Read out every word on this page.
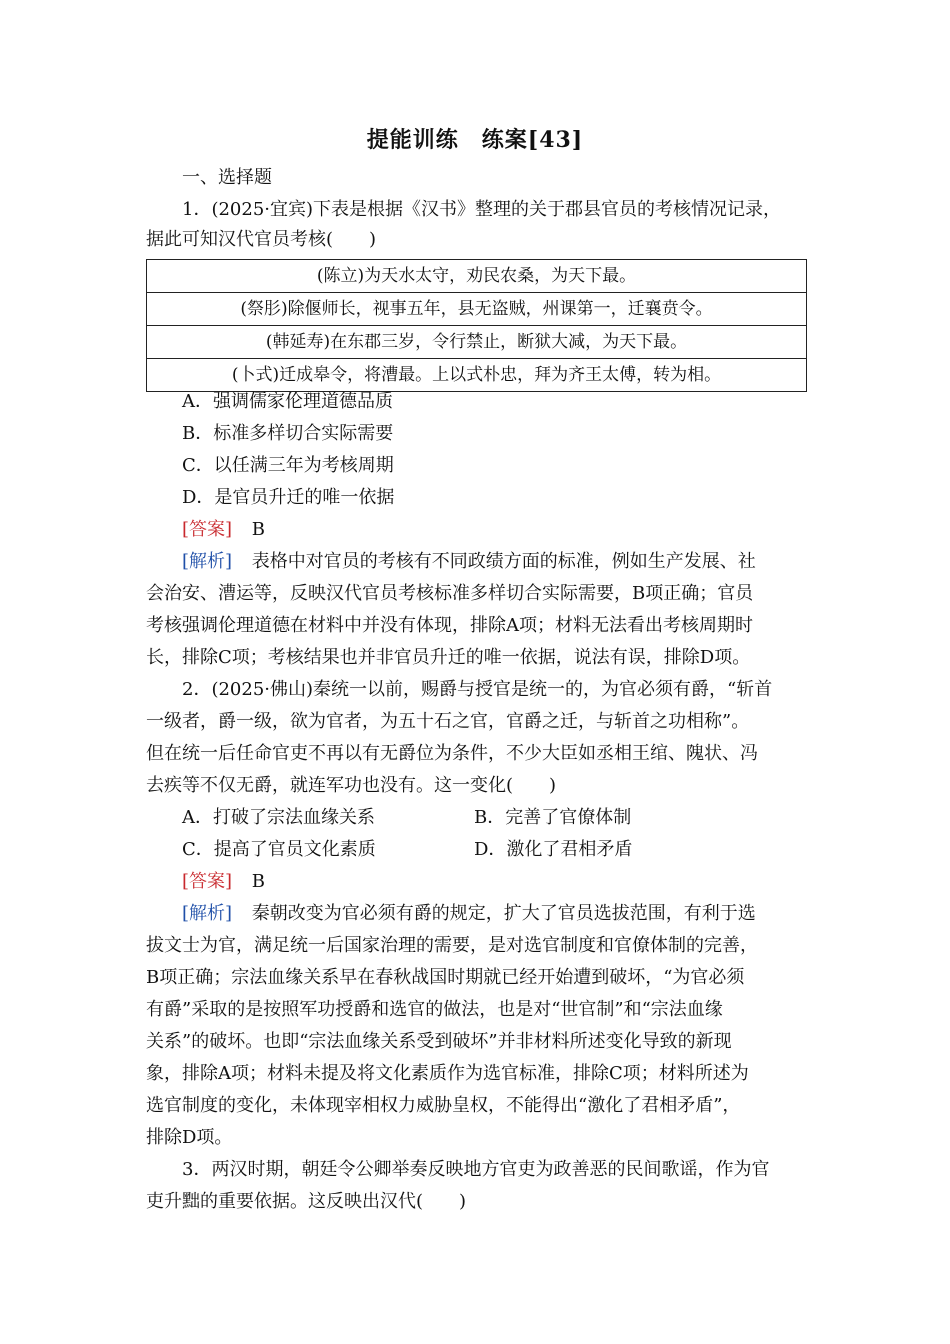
提能训练　练案[43]
一、选择题
1．(2025·宜宾)下表是根据《汉书》整理的关于郡县官员的考核情况记录，
据此可知汉代官员考核(　　)
(陈立)为天水太守，劝民农桑，为天下最。
(祭肜)除偃师长，视事五年，县无盗贼，州课第一，迁襄贲令。
(韩延寿)在东郡三岁，令行禁止，断狱大减，为天下最。
(卜式)迁成皋令，将漕最。上以式朴忠，拜为齐王太傅，转为相。
A．强调儒家伦理道德品质
B．标准多样切合实际需要
C．以任满三年为考核周期
D．是官员升迁的唯一依据
[答案] B
[解析] 表格中对官员的考核有不同政绩方面的标准，例如生产发展、社
会治安、漕运等，反映汉代官员考核标准多样切合实际需要，B项正确；官员
考核强调伦理道德在材料中并没有体现，排除A项；材料无法看出考核周期时
长，排除C项；考核结果也并非官员升迁的唯一依据，说法有误，排除D项。
2．(2025·佛山)秦统一以前，赐爵与授官是统一的，为官必须有爵，“斩首
一级者，爵一级，欲为官者，为五十石之官，官爵之迁，与斩首之功相称”。
但在统一后任命官吏不再以有无爵位为条件，不少大臣如丞相王绾、隗状、冯
去疾等不仅无爵，就连军功也没有。这一变化(　　)
A．打破了宗法血缘关系	B．完善了官僚体制
C．提高了官员文化素质	D．激化了君相矛盾
[答案] B
[解析] 秦朝改变为官必须有爵的规定，扩大了官员选拔范围，有利于选
拔文士为官，满足统一后国家治理的需要，是对选官制度和官僚体制的完善，
B项正确；宗法血缘关系早在春秋战国时期就已经开始遭到破坏，“为官必须
有爵”采取的是按照军功授爵和选官的做法，也是对“世官制”和“宗法血缘
关系”的破坏。也即“宗法血缘关系受到破坏”并非材料所述变化导致的新现
象，排除A项；材料未提及将文化素质作为选官标准，排除C项；材料所述为
选官制度的变化，未体现宰相权力威胁皇权，不能得出“激化了君相矛盾”，
排除D项。
3．两汉时期，朝廷令公卿举奏反映地方官吏为政善恶的民间歌谣，作为官
吏升黜的重要依据。这反映出汉代(　　)
